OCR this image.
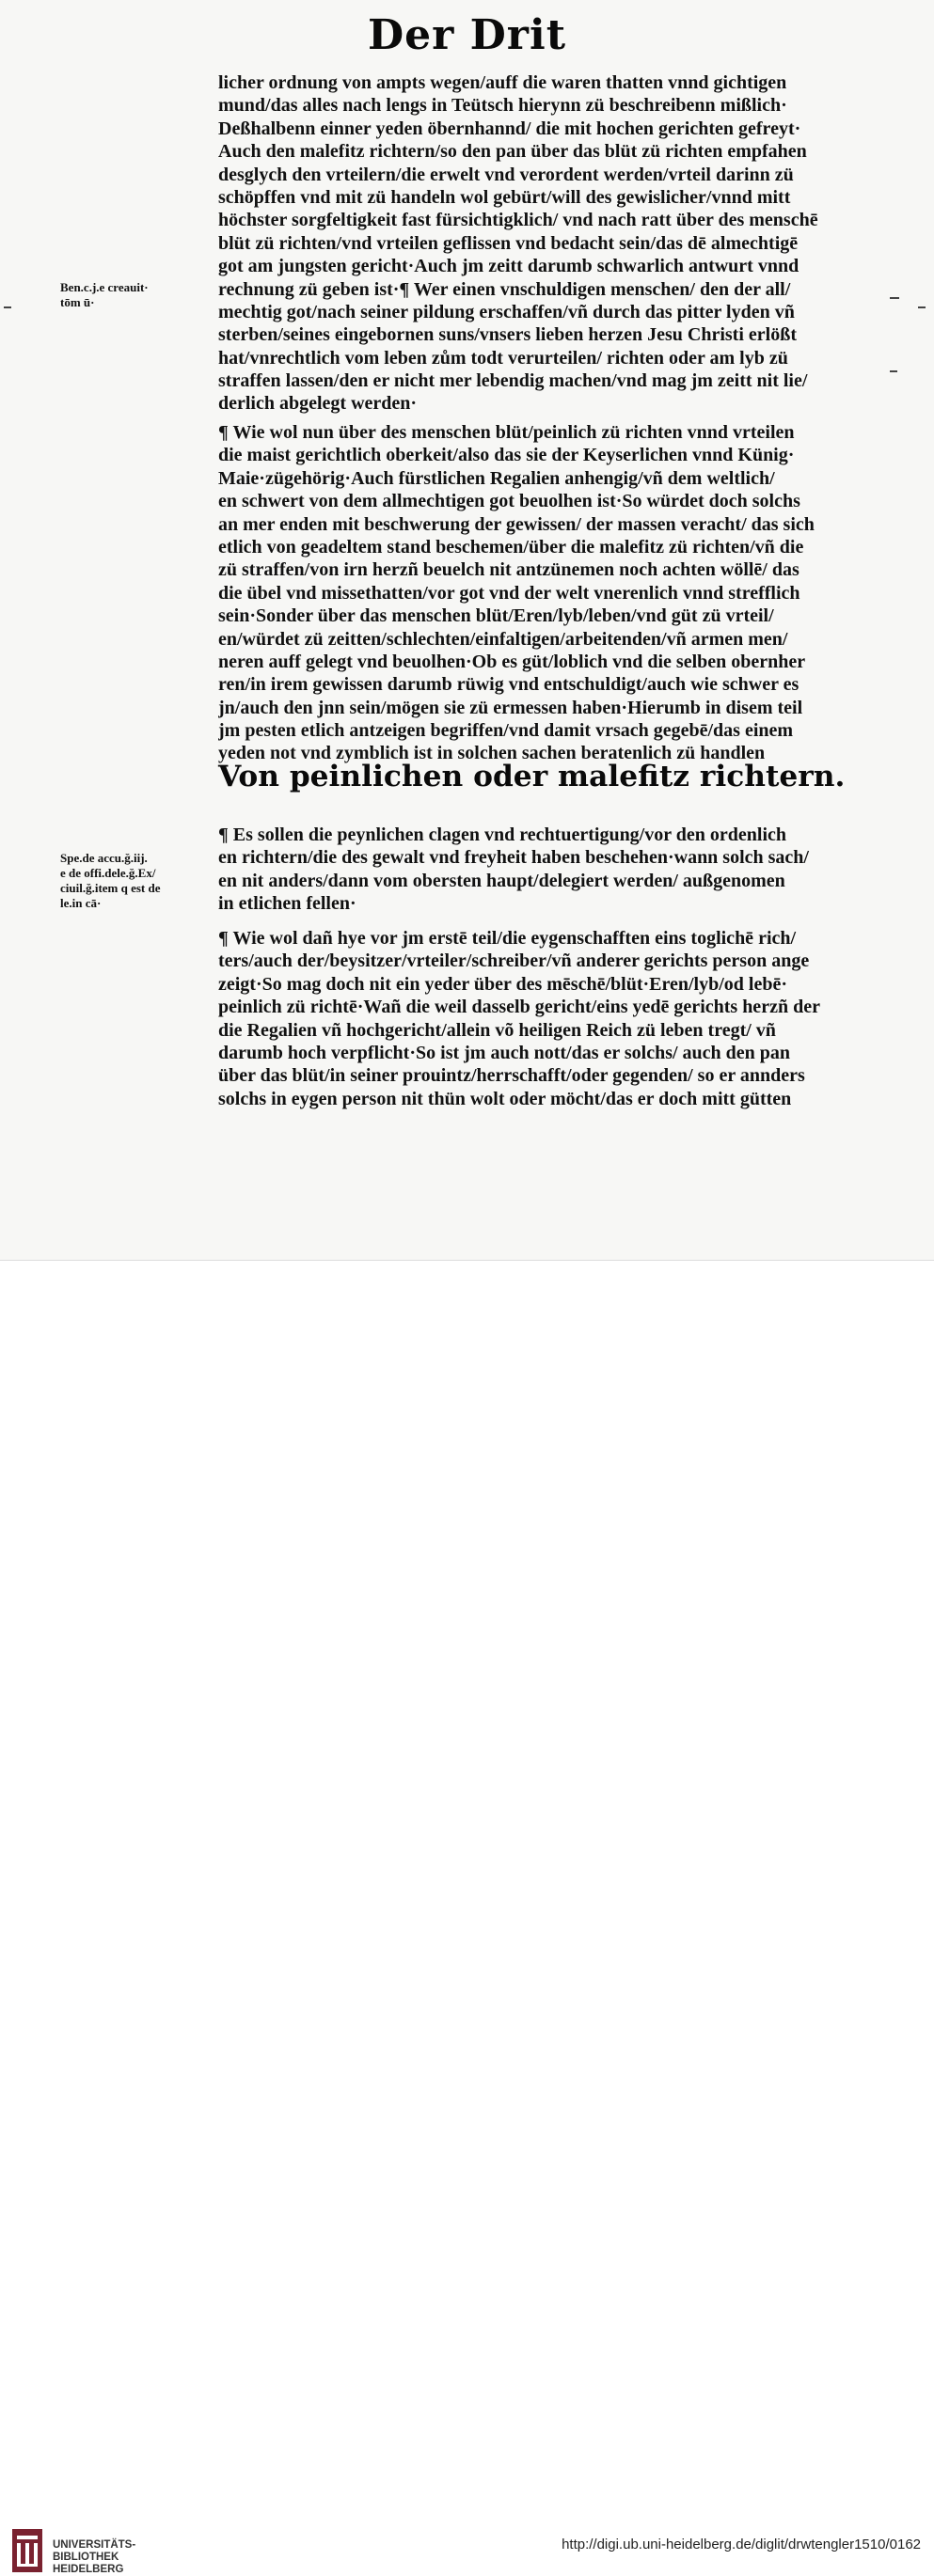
Der Drit
Ben.c.j.e creauit·
tōm ū·
Spe.de accu.ğ.iij.
e de offi.dele.ğ.Ex/
ciuil.ğ.item q est de
le.in cā·
licher ordnung von ampts wegen/auff die waren thatten vnnd gichtigen
mund/das alles nach lengs in Teütsch hierynn zü beschreibenn mißlich·
Deßhalbenn einner yeden öbernhannd/ die mit hochen gerichten gefreyt·
Auch den malefitz richtern/so den pan über das blüt zü richten empfahen
desglych den vrteilern/die erwelt vnd verordent werden/vrteil darinn zü
schöpffen vnd mit zü handeln wol gebürt/will des gewislicher/vnnd mitt
höchster sorgfeltigkeit fast fürsichtigklich/ vnd nach ratt über des menschē
blüt zü richten/vnd vrteilen geflissen vnd bedacht sein/das dē almechtigē
got am jungsten gericht·Auch jm zeitt darumb schwarlich antwurt vnnd
rechnung zü geben ist·¶ Wer einen vnschuldigen menschen/ den der all/
mechtig got/nach seiner pildung erschaffen/vñ durch das pitter lyden vñ
sterben/seines eingebornen suns/vnsers lieben herzen Jesu Christi erlößt
hat/vnrechtlich vom leben zům todt verurteilen/ richten oder am lyb zü
straffen lassen/den er nicht mer lebendig machen/vnd mag jm zeitt nit lie/
derlich abgelegt werden·
¶ Wie wol nun über des menschen blüt/peinlich zü richten vnnd vrteilen
die maist gerichtlich oberkeit/also das sie der Keyserlichen vnnd Künig·
Maie·zügehörig·Auch fürstlichen Regalien anhengig/vñ dem weltlich/
en schwert von dem allmechtigen got beuolhen ist·So würdet doch solchs
an mer enden mit beschwerung der gewissen/ der massen veracht/ das sich
etlich von geadeltem stand beschemen/über die malefitz zü richten/vñ die
zü straffen/von irn herzñ beuelch nit antzünemen noch achten wöllē/ das
die übel vnd missethatten/vor got vnd der welt vnerenlich vnnd strefflich
sein·Sonder über das menschen blüt/Eren/lyb/leben/vnd güt zü vrteil/
en/würdet zü zeitten/schlechten/einfaltigen/arbeitenden/vñ armen men/
neren auff gelegt vnd beuolhen·Ob es güt/loblich vnd die selben obernher
ren/in irem gewissen darumb rüwig vnd entschuldigt/auch wie schwer es
jn/auch den jnn sein/mögen sie zü ermessen haben·Hierumb in disem teil
jm pesten etlich antzeigen begriffen/vnd damit vrsach gegebē/das einem
yeden not vnd zymblich ist in solchen sachen beratenlich zü handlen
Von peinlichen oder malefitz richtern.
¶ Es sollen die peynlichen clagen vnd rechtuertigung/vor den ordenlich
en richtern/die des gewalt vnd freyheit haben beschehen·wann solch sach/
en nit anders/dann vom obersten haupt/delegiert werden/ außgenomen
in etlichen fellen·
¶ Wie wol dañ hye vor jm erstē teil/die eygenschafften eins toglichē rich/
ters/auch der/beysitzer/vrteiler/schreiber/vñ anderer gerichts person ange
zeigt·So mag doch nit ein yeder über des mēschē/blüt·Eren/lyb/od lebē·
peinlich zü richtē·Wañ die weil dasselb gericht/eins yedē gerichts herzñ der
die Regalien vñ hochgericht/allein võ heiligen Reich zü leben tregt/ vñ
darumb hoch verpflicht·So ist jm auch nott/das er solchs/ auch den pan
über das blüt/in seiner prouintz/herrschafft/oder gegenden/ so er annders
solchs in eygen person nit thün wolt oder möcht/das er doch mitt gütten
UNIVERSITÄTS-
BIBLIOTHEK
HEIDELBERG
http://digi.ub.uni-heidelberg.de/diglit/drwtengler1510/0162
